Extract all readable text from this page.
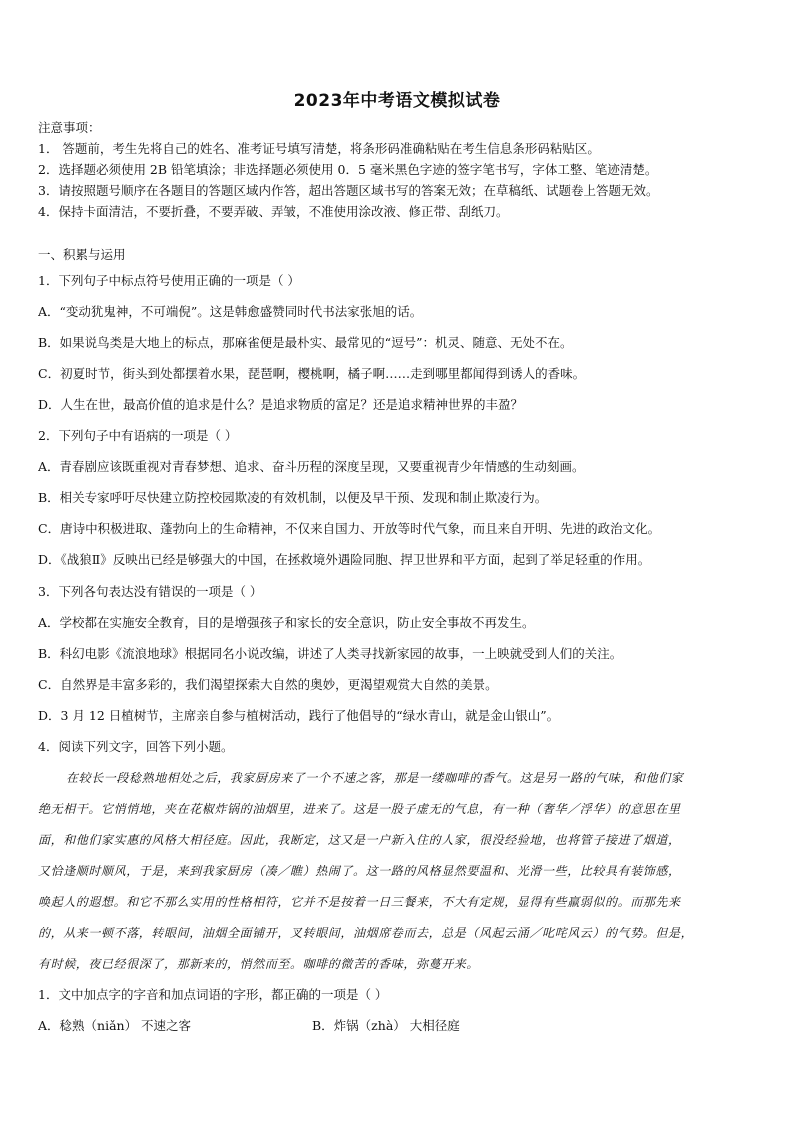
2023年中考语文模拟试卷
注意事项：
1． 答题前，考生先将自己的姓名、准考证号填写清楚，将条形码准确粘贴在考生信息条形码粘贴区。
2．选择题必须使用 2B 铅笔填涂；非选择题必须使用 0．5 毫米黑色字迹的签字笔书写，字体工整、笔迹清楚。
3．请按照题号顺序在各题目的答题区域内作答，超出答题区域书写的答案无效；在草稿纸、试题卷上答题无效。
4．保持卡面清洁，不要折叠，不要弄破、弄皱，不准使用涂改液、修正带、刮纸刀。
一、积累与运用
1．下列句子中标点符号使用正确的一项是（ ）
A．“变动犹鬼神，不可端倪”。这是韩愈盛赞同时代书法家张旭的话。
B．如果说鸟类是大地上的标点，那麻雀便是最朴实、最常见的“逗号”：机灵、随意、无处不在。
C．初夏时节，街头到处都摆着水果，琵琶啊，樱桃啊，橘子啊……走到哪里都闻得到诱人的香味。
D．人生在世，最高价值的追求是什么？是追求物质的富足？还是追求精神世界的丰盈？
2．下列句子中有语病的一项是（ ）
A．青春剧应该既重视对青春梦想、追求、奋斗历程的深度呈现，又要重视青少年情感的生动刻画。
B．相关专家呼吁尽快建立防控校园欺凌的有效机制，以便及早干预、发现和制止欺凌行为。
C．唐诗中积极进取、蓬勃向上的生命精神，不仅来自国力、开放等时代气象，而且来自开明、先进的政治文化。
D．《战狼Ⅱ》反映出已经是够强大的中国，在拯救境外遇险同胞、捍卫世界和平方面，起到了举足轻重的作用。
3．下列各句表达没有错误的一项是（ ）
A．学校都在实施安全教育，目的是增强孩子和家长的安全意识，防止安全事故不再发生。
B．科幻电影《流浪地球》根据同名小说改编，讲述了人类寻找新家园的故事，一上映就受到人们的关注。
C．自然界是丰富多彩的，我们渴望探索大自然的奥妙，更渴望观赏大自然的美景。
D．3 月 12 日植树节，主席亲自参与植树活动，践行了他倡导的“绿水青山，就是金山银山”。
4．阅读下列文字，回答下列小题。
在较长一段稔熟地相处之后，我家厨房来了一个不速之客，那是一缕咖啡的香气。这是另一路的气味，和他们家
绝无相干。它悄悄地，夹在花椒炸锅的油烟里，进来了。这是一股子虚无的气息，有一种（奢华／浮华）的意思在里
面，和他们家实惠的风格大相径庭。因此，我断定，这又是一户新入住的人家，很没经验地，也将管子接进了烟道，
又恰逢顺时顺风，于是，来到我家厨房（凑／瞧）热闹了。这一路的风格显然要温和、光滑一些，比较具有装饰感，
唤起人的遐想。和它不那么实用的性格相符，它并不是按着一日三餐来，不大有定规，显得有些羸弱似的。而那先来
的，从来一顿不落，转眼间，油烟全面铺开，叉转眼间，油烟席卷而去，总是（风起云涌／叱咤风云）的气势。但是，
有时候，夜已经很深了，那新来的，悄然而至。咖啡的微苦的香味，弥蔓开来。
1．文中加点字的字音和加点词语的字形，都正确的一项是（ ）
A．稔熟（niǎn） 不速之客	B．炸锅（zhà） 大相径庭
